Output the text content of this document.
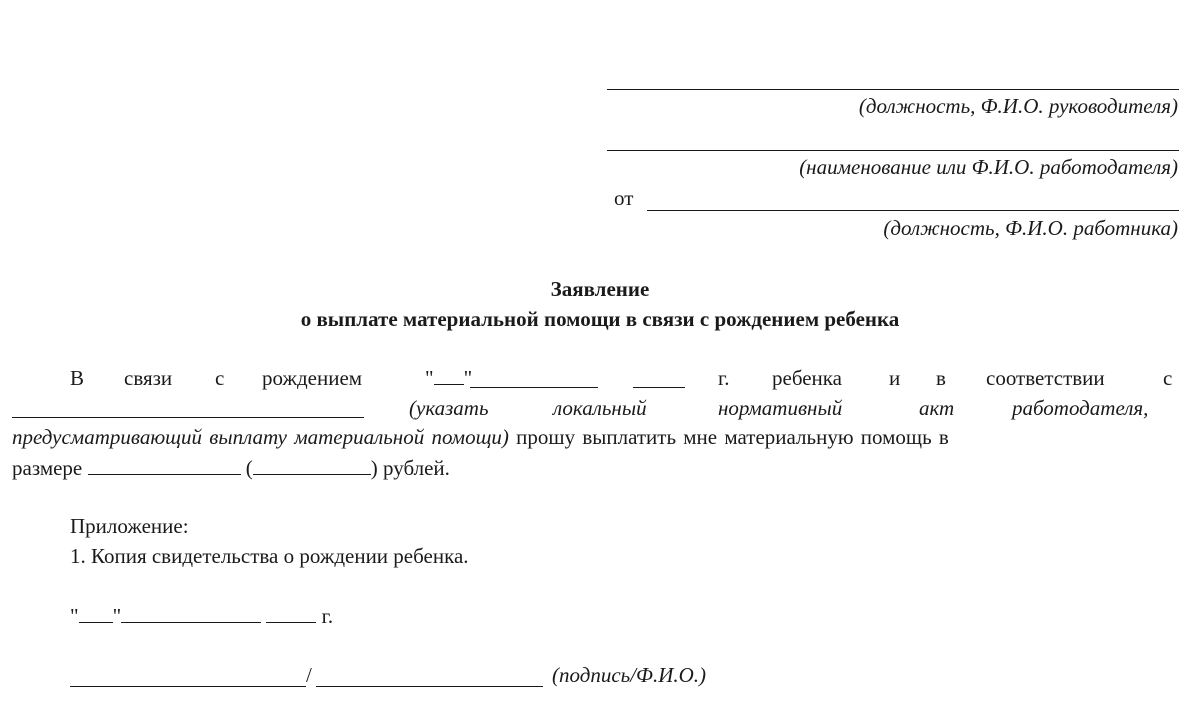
(должность, Ф.И.О. руководителя)
(наименование или Ф.И.О. работодателя)
от
(должность, Ф.И.О. работника)
Заявление
о выплате материальной помощи в связи с рождением ребенка
В связи с рождением	" "	г. ребенка и в соответствии	с
(указать	локальный	нормативный	акт	работодателя,
предусматривающий выплату материальной помощи) прошу выплатить мне материальную помощь в
размере	(	) рублей.
Приложение:
1. Копия свидетельства о рождении ребенка.
" "	г.
/	(подпись/Ф.И.О.)
